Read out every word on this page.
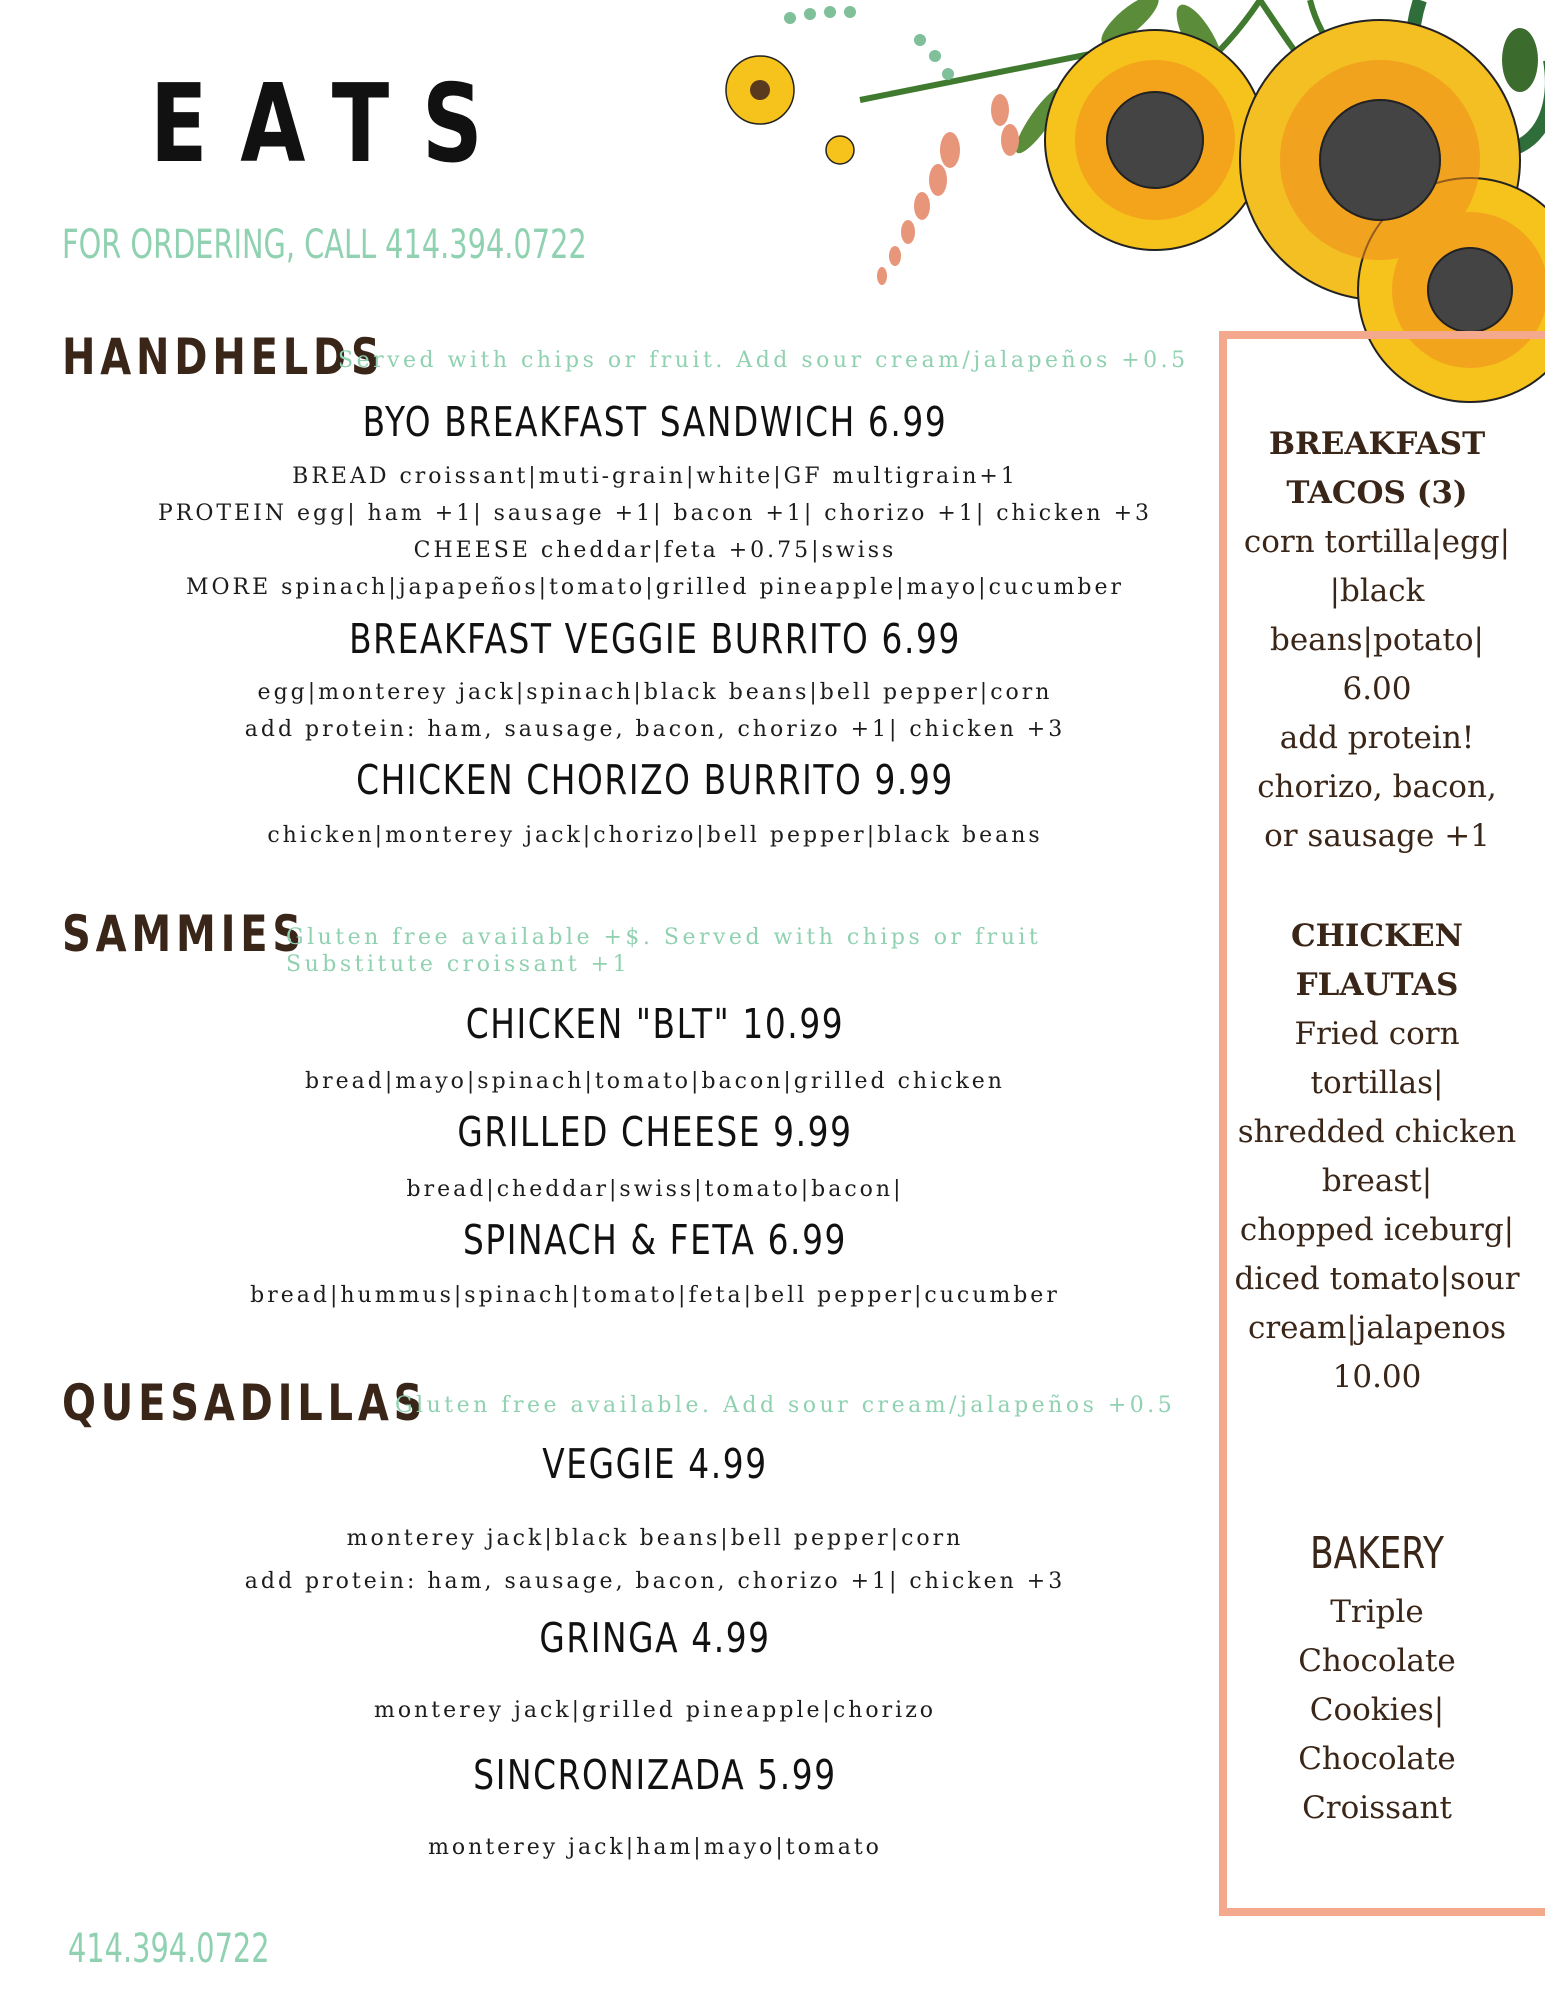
EATS
FOR ORDERING, CALL 414.394.0722
HANDHELDS
Served with chips or fruit. Add sour cream/jalapeños +0.5
BYO BREAKFAST SANDWICH 6.99
BREAD croissant|muti-grain|white|GF multigrain+1
PROTEIN egg| ham +1| sausage +1| bacon +1| chorizo +1| chicken +3
CHEESE cheddar|feta +0.75|swiss
MORE spinach|japapeños|tomato|grilled pineapple|mayo|cucumber
BREAKFAST VEGGIE BURRITO 6.99
egg|monterey jack|spinach|black beans|bell pepper|corn
add protein: ham, sausage, bacon, chorizo +1| chicken +3
CHICKEN CHORIZO BURRITO 9.99
chicken|monterey jack|chorizo|bell pepper|black beans
SAMMIES
Gluten free available +$. Served with chips or fruit
Substitute croissant +1
CHICKEN "BLT" 10.99
bread|mayo|spinach|tomato|bacon|grilled chicken
GRILLED CHEESE 9.99
bread|cheddar|swiss|tomato|bacon|
SPINACH & FETA 6.99
bread|hummus|spinach|tomato|feta|bell pepper|cucumber
QUESADILLAS
Gluten free available. Add sour cream/jalapeños +0.5
VEGGIE 4.99
monterey jack|black beans|bell pepper|corn
add protein: ham, sausage, bacon, chorizo +1| chicken +3
GRINGA 4.99
monterey jack|grilled pineapple|chorizo
SINCRONIZADA 5.99
monterey jack|ham|mayo|tomato
414.394.0722
BREAKFAST
TACOS (3)
corn tortilla|egg|
|black
beans|potato|
6.00
add protein!
chorizo, bacon,
or sausage +1
CHICKEN
FLAUTAS
Fried corn
tortillas|
shredded chicken
breast|
chopped iceburg|
diced tomato|sour
cream|jalapenos
10.00
BAKERY
Triple
Chocolate
Cookies|
Chocolate
Croissant
